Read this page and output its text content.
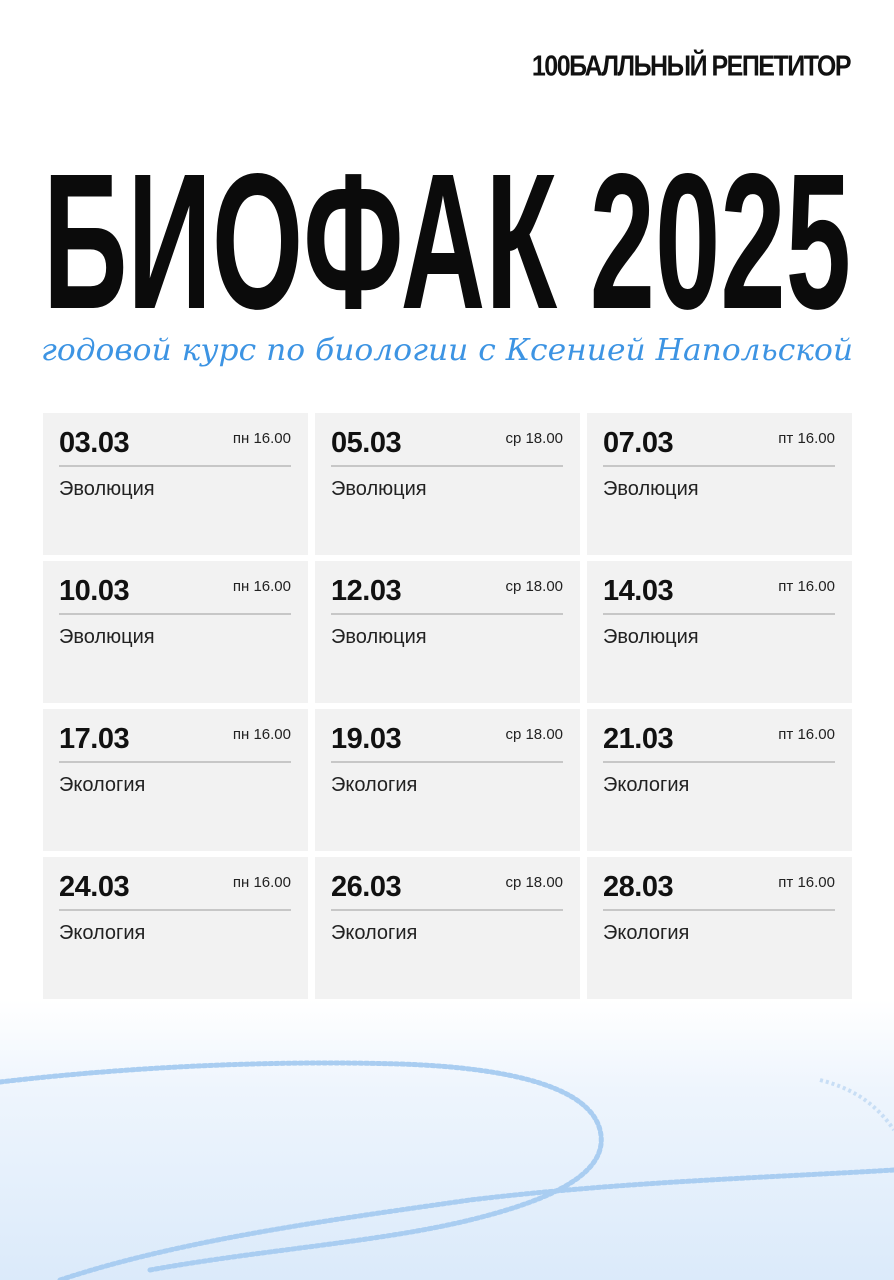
100БАЛЛЬНЫЙ РЕПЕТИТОР
БИОФАК 2025
годовой курс по биологии с Ксенией Напольской
03.03	пн 16.00
Эволюция
05.03	ср 18.00
Эволюция
07.03	пт 16.00
Эволюция
10.03	пн 16.00
Эволюция
12.03	ср 18.00
Эволюция
14.03	пт 16.00
Эволюция
17.03	пн 16.00
Экология
19.03	ср 18.00
Экология
21.03	пт 16.00
Экология
24.03	пн 16.00
Экология
26.03	ср 18.00
Экология
28.03	пт 16.00
Экология
